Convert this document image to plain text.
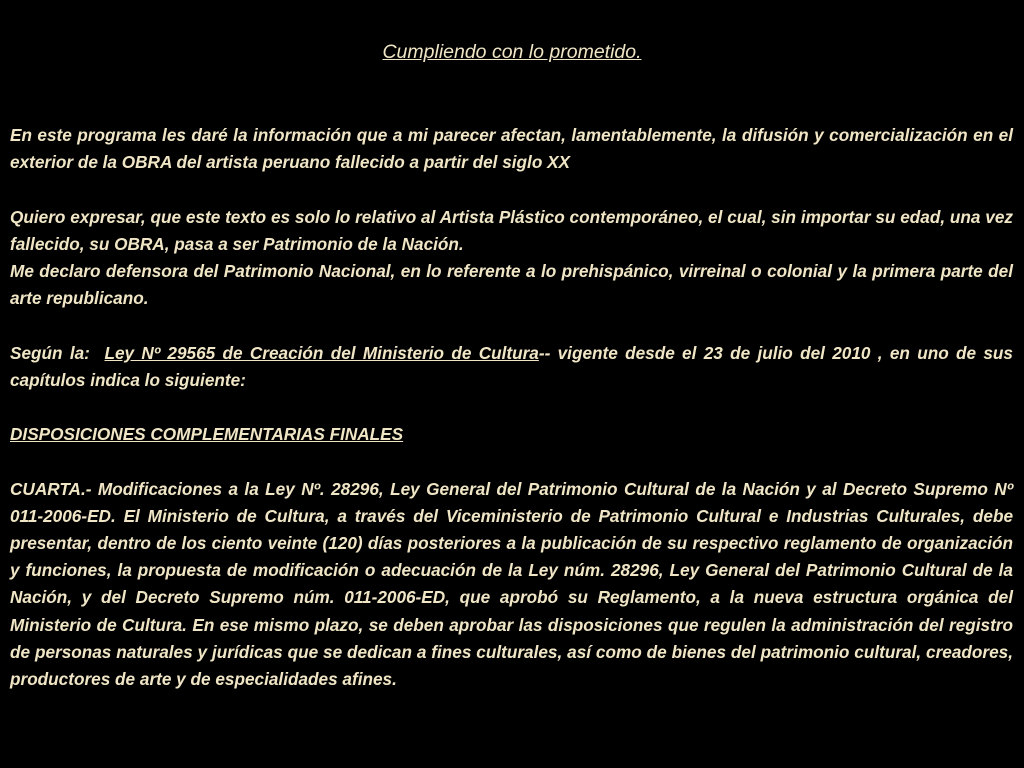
Cumpliendo con lo prometido.

En este programa les daré la información que a mi parecer afectan, lamentablemente, la difusión y comercialización en el exterior de la OBRA del artista peruano fallecido a partir del siglo XX

Quiero expresar, que este texto es solo lo relativo al Artista Plástico contemporáneo, el cual, sin importar su edad, una vez fallecido, su OBRA, pasa a ser Patrimonio de la Nación.

Me declaro defensora del Patrimonio Nacional, en lo referente a lo prehispánico, virreinal o colonial y la primera parte del arte republicano.

Según la: Ley Nº 29565 de Creación del Ministerio de Cultura-- vigente desde el 23 de julio del 2010 , en uno de sus capítulos indica lo siguiente:

DISPOSICIONES COMPLEMENTARIAS FINALES

CUARTA.- Modificaciones a la Ley Nº. 28296, Ley General del Patrimonio Cultural de la Nación y al Decreto Supremo Nº 011-2006-ED. El Ministerio de Cultura, a través del Viceministerio de Patrimonio Cultural e Industrias Culturales, debe presentar, dentro de los ciento veinte (120) días posteriores a la publicación de su respectivo reglamento de organización y funciones, la propuesta de modificación o adecuación de la Ley núm. 28296, Ley General del Patrimonio Cultural de la Nación, y del Decreto Supremo núm. 011-2006-ED, que aprobó su Reglamento, a la nueva estructura orgánica del Ministerio de Cultura. En ese mismo plazo, se deben aprobar las disposiciones que regulen la administración del registro de personas naturales y jurídicas que se dedican a fines culturales, así como de bienes del patrimonio cultural, creadores, productores de arte y de especialidades afines.
